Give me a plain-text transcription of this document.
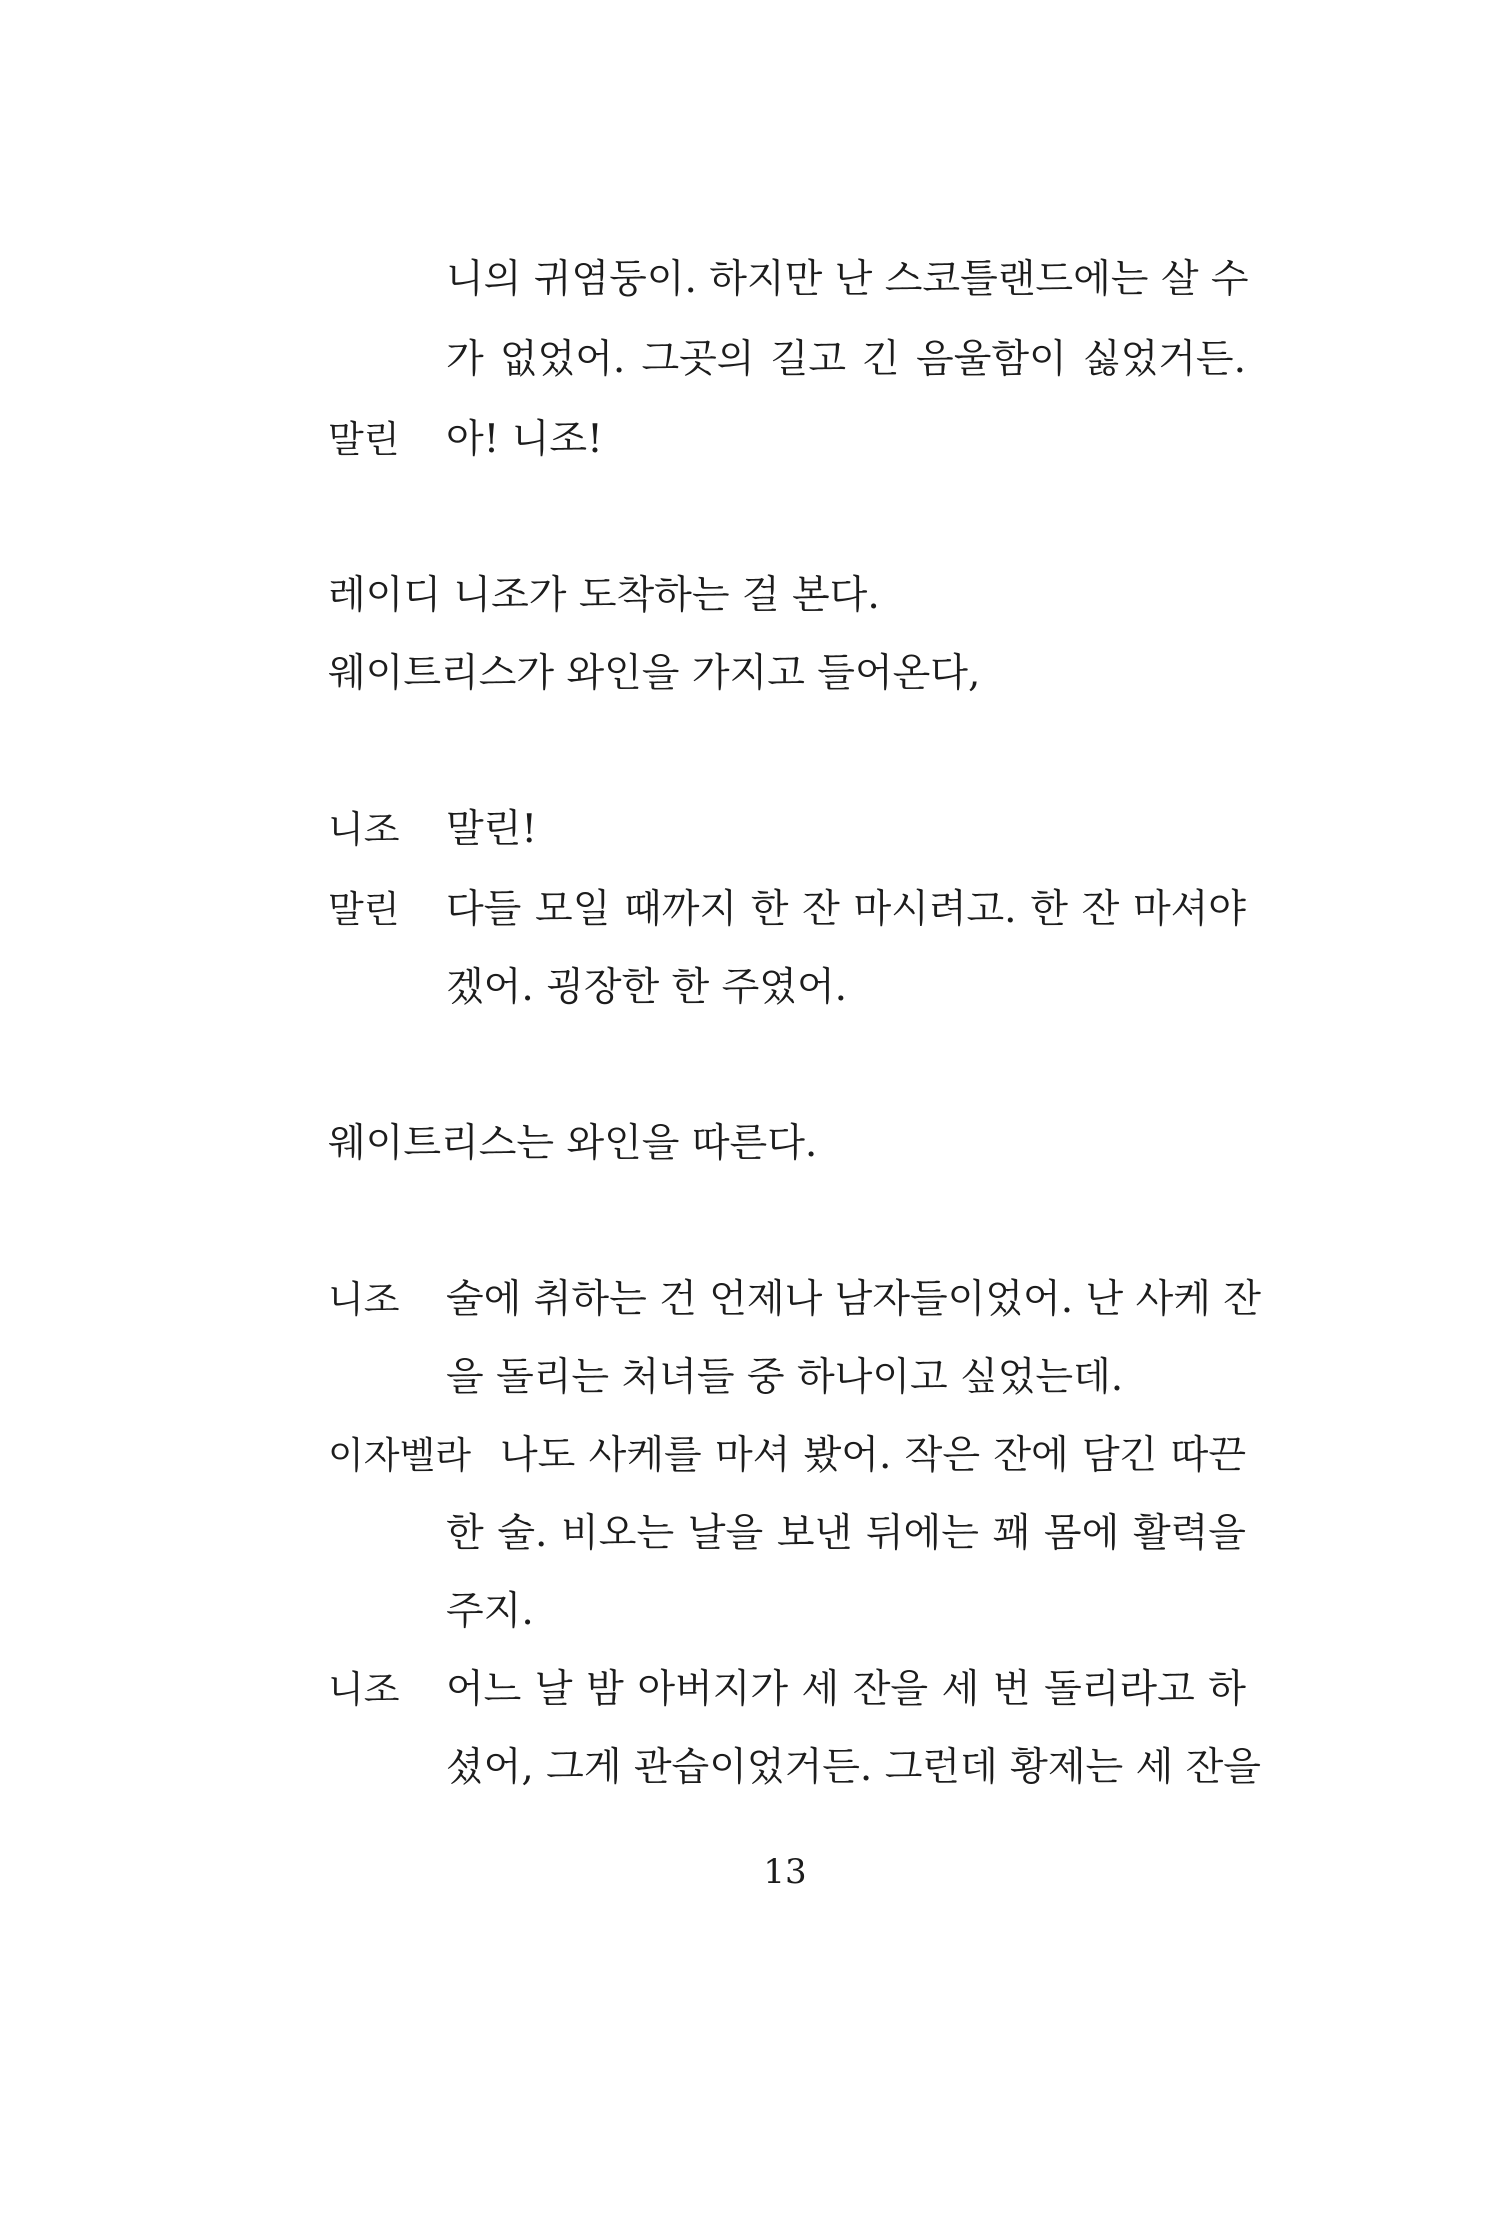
니의 귀염둥이. 하지만 난 스코틀랜드에는 살 수
가 없었어. 그곳의 길고 긴 음울함이 싫었거든.
말린 아! 니조!
레이디 니조가 도착하는 걸 본다.
웨이트리스가 와인을 가지고 들어온다,
니조 말린!
말린 다들 모일 때까지 한 잔 마시려고. 한 잔 마셔야
겠어. 굉장한 한 주였어.
웨이트리스는 와인을 따른다.
니조 술에 취하는 건 언제나 남자들이었어. 난 사케 잔
을 돌리는 처녀들 중 하나이고 싶었는데.
이자벨라 나도 사케를 마셔 봤어. 작은 잔에 담긴 따끈
한 술. 비오는 날을 보낸 뒤에는 꽤 몸에 활력을
주지.
니조 어느 날 밤 아버지가 세 잔을 세 번 돌리라고 하
셨어, 그게 관습이었거든. 그런데 황제는 세 잔을
13
